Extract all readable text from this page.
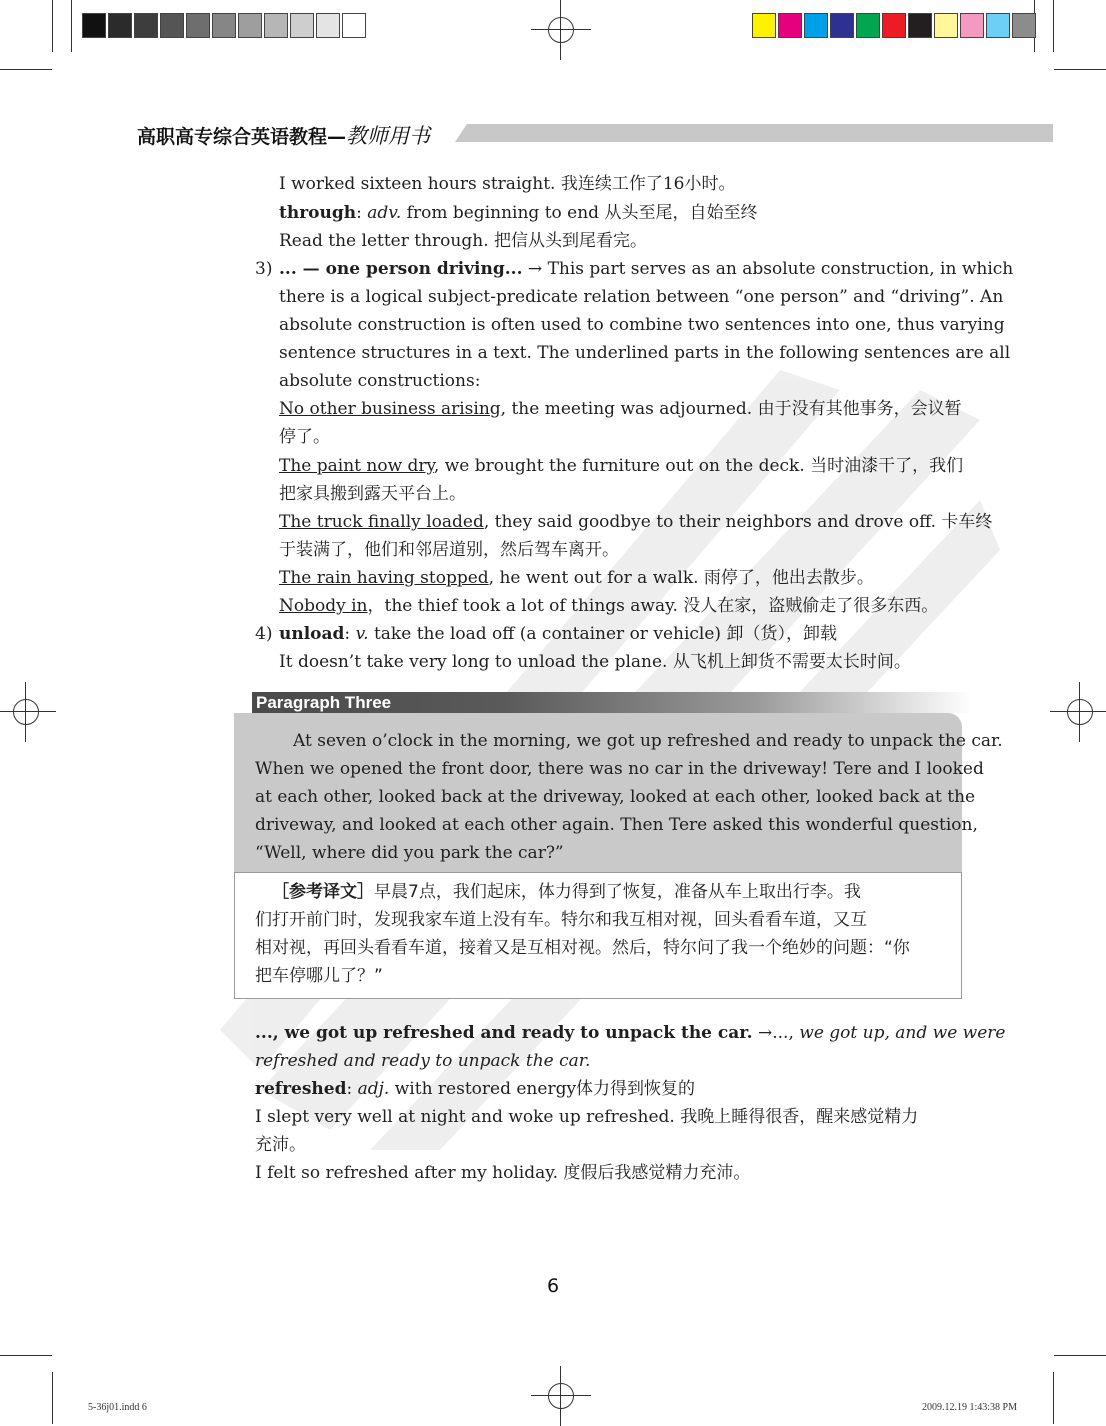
高职高专综合英语教程—教师用书
I worked sixteen hours straight. 我连续工作了16小时。
through: adv. from beginning to end 从头至尾，自始至终
Read the letter through. 把信从头到尾看完。
3) ... — one person driving... → This part serves as an absolute construction, in which
there is a logical subject-predicate relation between “one person” and “driving”. An
absolute construction is often used to combine two sentences into one, thus varying
sentence structures in a text. The underlined parts in the following sentences are all
absolute constructions:
No other business arising, the meeting was adjourned. 由于没有其他事务，会议暂
停了。
The paint now dry, we brought the furniture out on the deck. 当时油漆干了，我们
把家具搬到露天平台上。
The truck finally loaded, they said goodbye to their neighbors and drove off. 卡车终
于装满了，他们和邻居道别，然后驾车离开。
The rain having stopped, he went out for a walk. 雨停了，他出去散步。
Nobody in，the thief took a lot of things away. 没人在家，盗贼偷走了很多东西。
4) unload: v. take the load off (a container or vehicle) 卸（货），卸载
It doesn’t take very long to unload the plane. 从飞机上卸货不需要太长时间。
Paragraph Three
At seven o’clock in the morning, we got up refreshed and ready to unpack the car.
When we opened the front door, there was no car in the driveway! Tere and I looked
at each other, looked back at the driveway, looked at each other, looked back at the
driveway, and looked at each other again. Then Tere asked this wonderful question,
“Well, where did you park the car?”
［参考译文］早晨7点，我们起床，体力得到了恢复，准备从车上取出行李。我
们打开前门时，发现我家车道上没有车。特尔和我互相对视，回头看看车道，又互
相对视，再回头看看车道，接着又是互相对视。然后，特尔问了我一个绝妙的问题：“你
把车停哪儿了？”
..., we got up refreshed and ready to unpack the car. →..., we got up, and we were
refreshed and ready to unpack the car.
refreshed: adj. with restored energy体力得到恢复的
I slept very well at night and woke up refreshed. 我晚上睡得很香，醒来感觉精力
充沛。
I felt so refreshed after my holiday. 度假后我感觉精力充沛。
6
5-36j01.indd 6	2009.12.19 1:43:38 PM
